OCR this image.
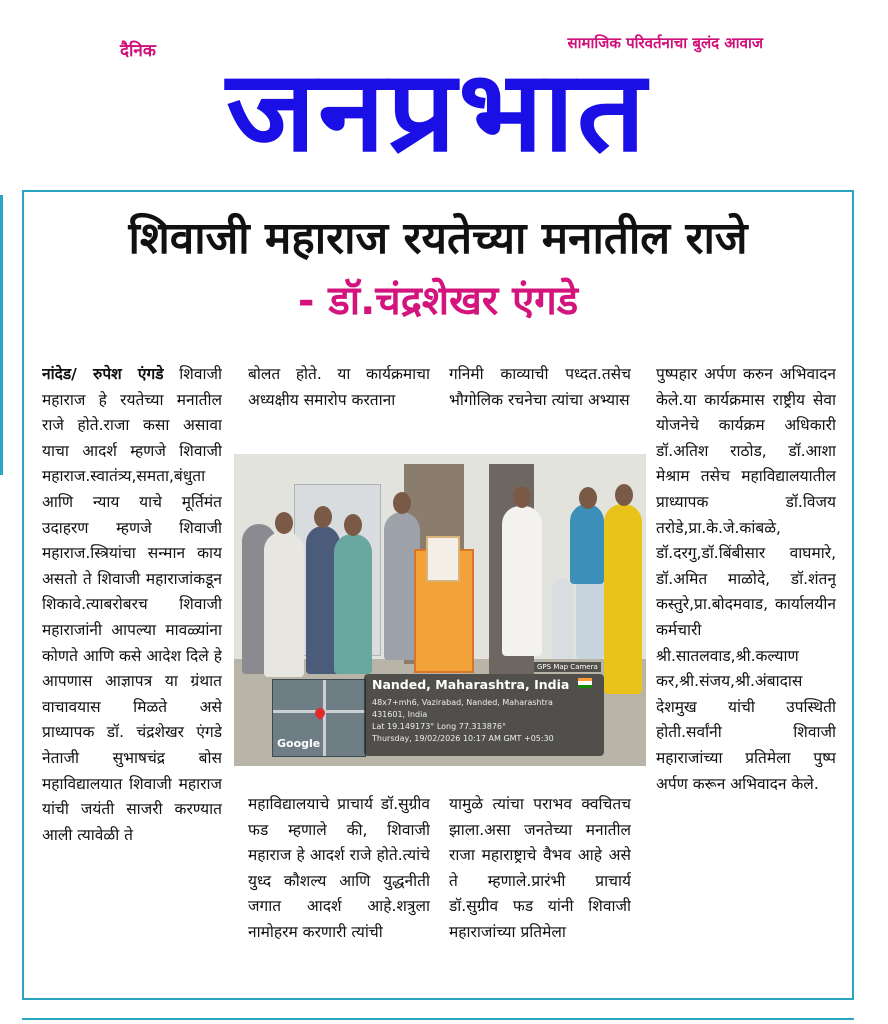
दैनिक	सामाजिक परिवर्तनाचा बुलंद आवाज
जनप्रभात
शिवाजी महाराज रयतेच्या मनातील राजे
- डॉ.चंद्रशेखर एंगडे
नांदेड/ रुपेश एंगडे शिवाजी महाराज हे रयतेच्या मनातील राजे होते.राजा कसा असावा याचा आदर्श म्हणजे शिवाजी महाराज.स्वातंत्र्य,समता,बंधुता आणि न्याय याचे मूर्तिमंत उदाहरण म्हणजे शिवाजी महाराज.स्त्रियांचा सन्मान काय असतो ते शिवाजी महाराजांकडून शिकावे.त्याबरोबरच शिवाजी महाराजांनी आपल्या मावळ्यांना कोणते आणि कसे आदेश दिले हे आपणास आज्ञापत्र या ग्रंथात वाचावयास मिळते असे प्राध्यापक डॉ. चंद्रशेखर एंगडे नेताजी सुभाषचंद्र बोस महाविद्यालयात शिवाजी महाराज यांची जयंती साजरी करण्यात आली त्यावेळी ते
बोलत होते. या कार्यक्रमाचा अध्यक्षीय समारोप करताना
गनिमी काव्याची पध्दत.तसेच भौगोलिक रचनेचा त्यांचा अभ्यास
पुष्पहार अर्पण करुन अभिवादन केले.या कार्यक्रमास राष्ट्रीय सेवा योजनेचे कार्यक्रम अधिकारी डॉ.अतिश राठोड, डॉ.आशा मेश्राम तसेच महाविद्यालयातील प्राध्यापक डॉ.विजय तरोडे,प्रा.के.जे.कांबळे, डॉ.दरगु,डॉ.बिंबीसार वाघमारे, डॉ.अमित माळोदे, डॉ.शंतनू कस्तुरे,प्रा.बोदमवाड, कार्यालयीन कर्मचारी श्री.सातलवाड,श्री.कल्याण कर,श्री.संजय,श्री.अंबादास देशमुख यांची उपस्थिती होती.सर्वांनी शिवाजी महाराजांच्या प्रतिमेला पुष्प अर्पण करून अभिवादन केले.
महाविद्यालयाचे प्राचार्य डॉ.सुग्रीव फड म्हणाले की, शिवाजी महाराज हे आदर्श राजे होते.त्यांचे युध्द कौशल्य आणि युद्धनीती जगात आदर्श आहे.शत्रुला नामोहरम करणारी त्यांची
यामुळे त्यांचा पराभव क्वचितच झाला.असा जनतेच्या मनातील राजा महाराष्ट्राचे वैभव आहे असे ते म्हणाले.प्रारंभी प्राचार्य डॉ.सुग्रीव फड यांनी शिवाजी महाराजांच्या प्रतिमेला
Google
GPS Map Camera
Nanded, Maharashtra, India
48x7+mh6, Vazirabad, Nanded, Maharashtra
431601, India
Lat 19.149173° Long 77.313876°
Thursday, 19/02/2026 10:17 AM GMT +05:30
